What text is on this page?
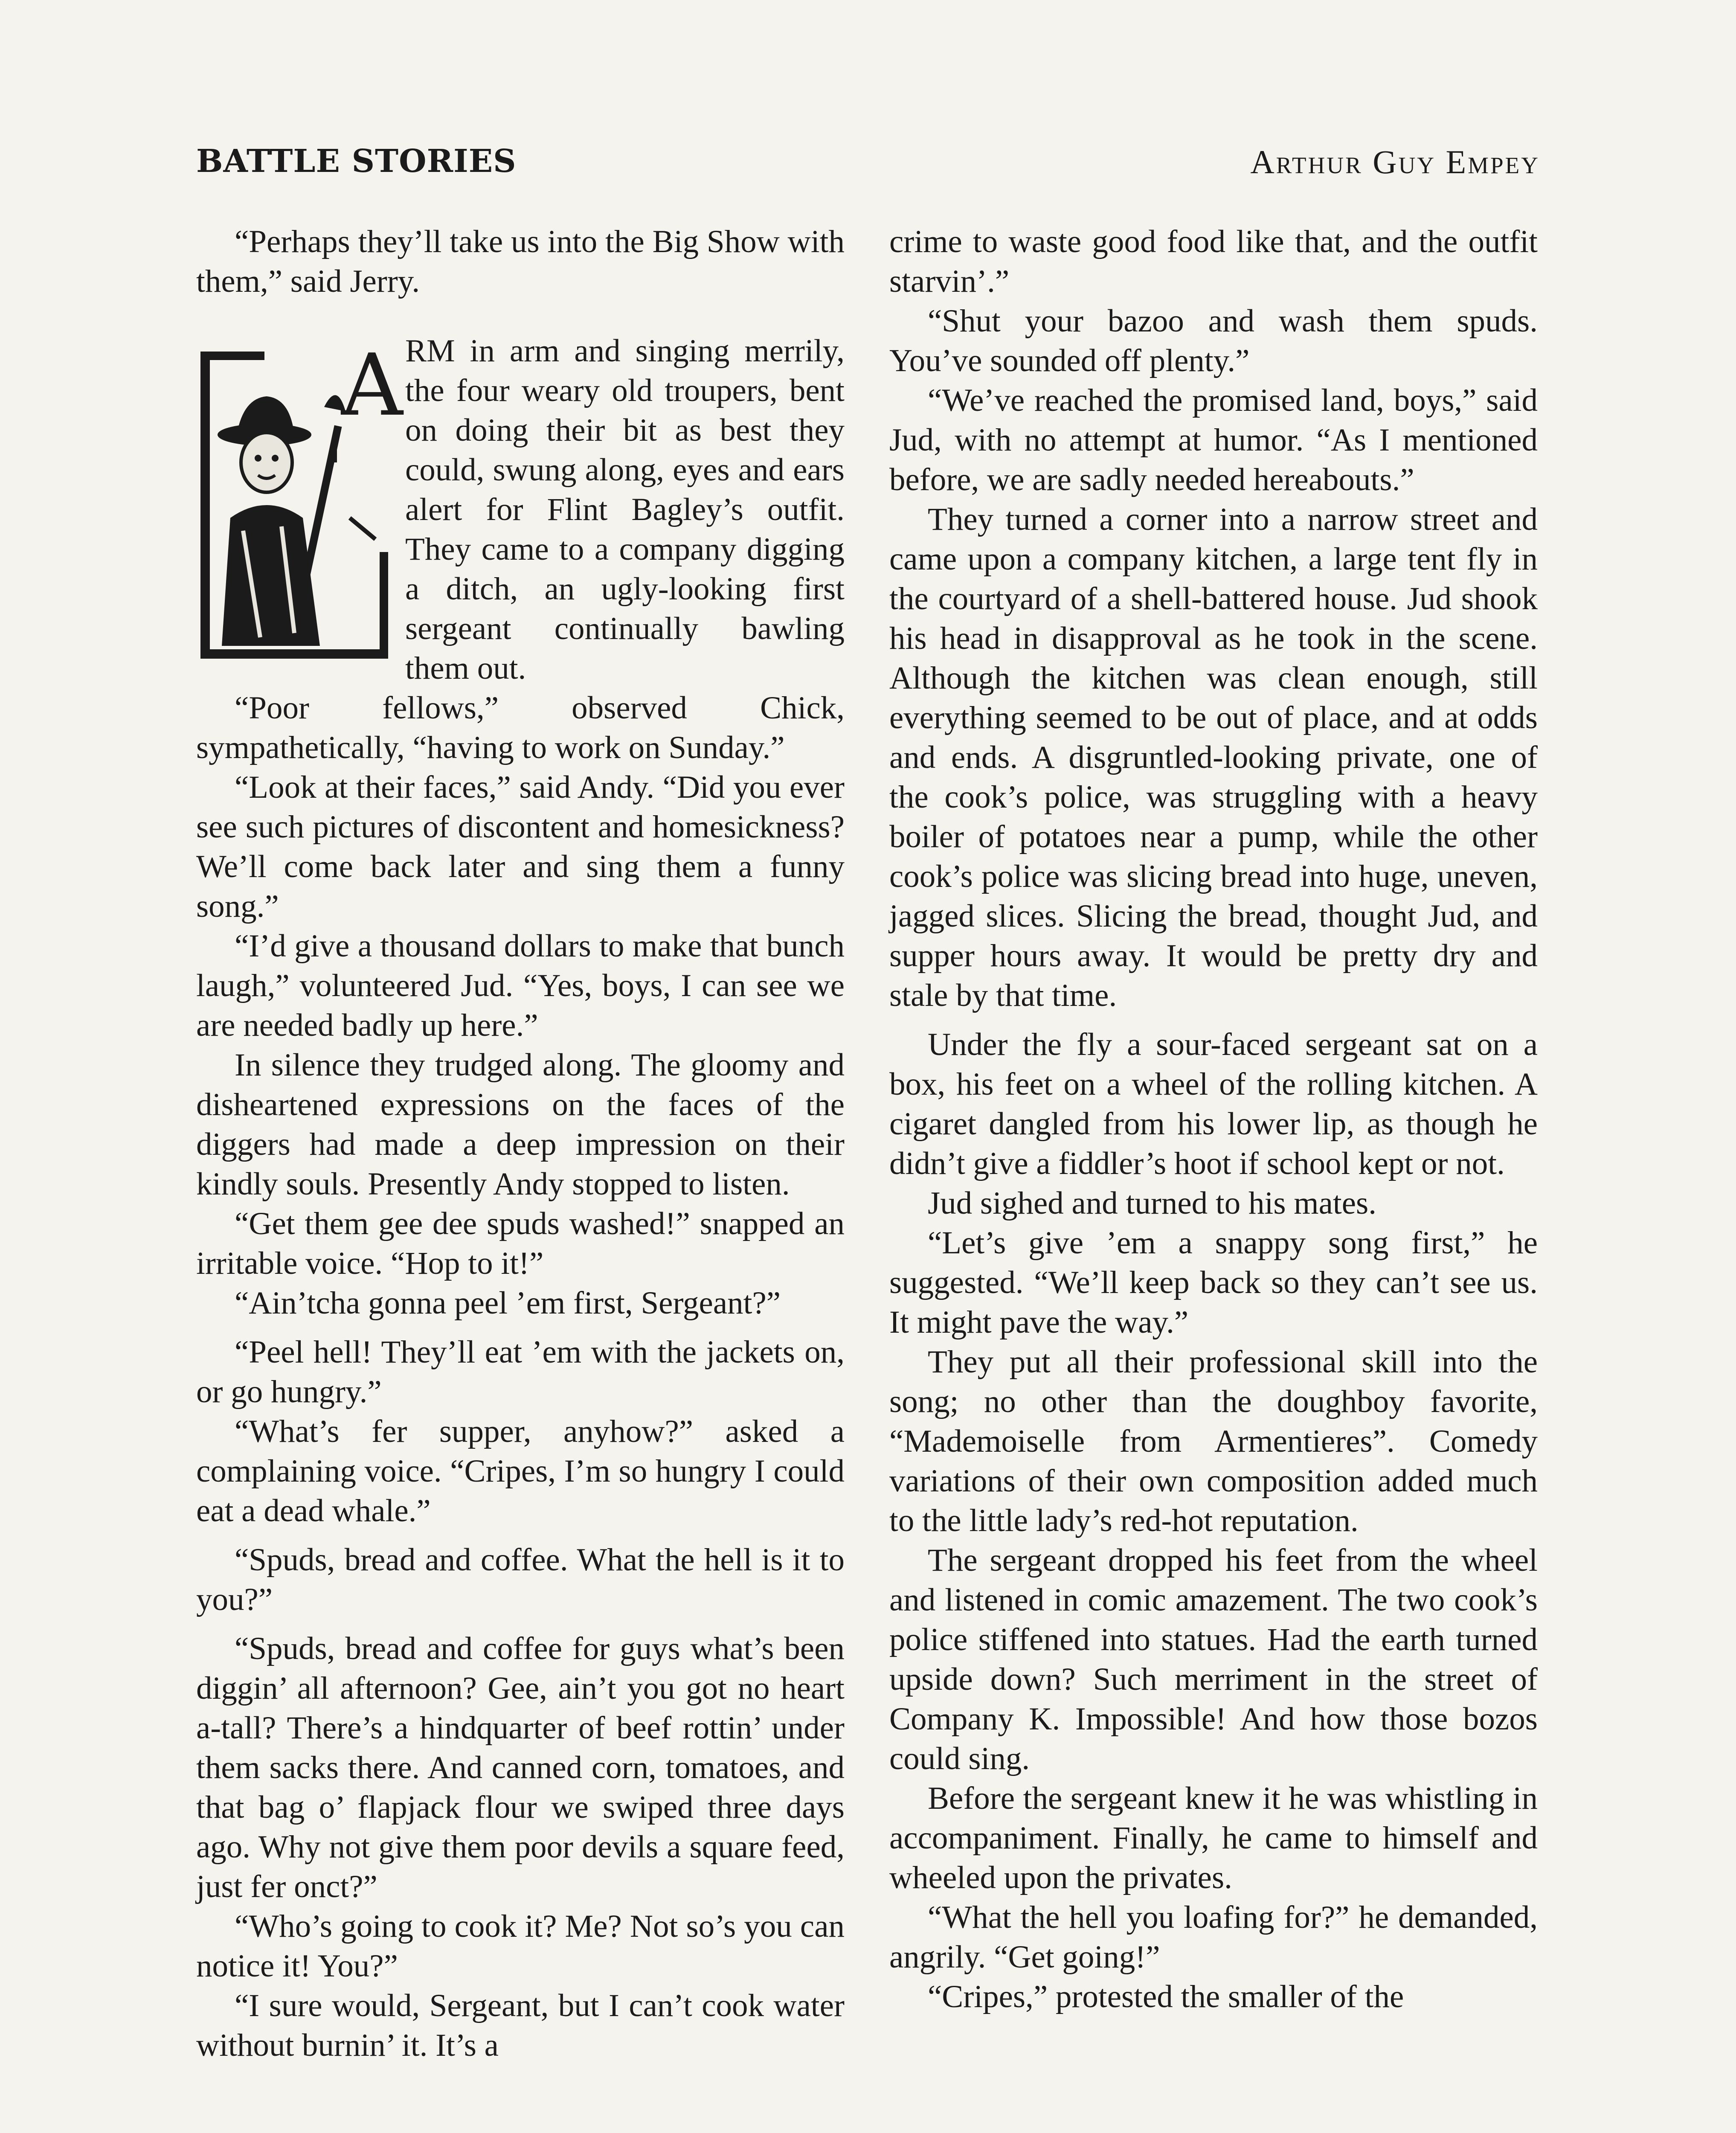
BATTLE STORIES	Arthur Guy Empey

“Perhaps they’ll take us into the Big Show with them,” said Jerry.

A RM in arm and singing merrily, the four weary old troupers, bent on doing their bit as best they could, swung along, eyes and ears alert for Flint Bagley’s outfit. They came to a company digging a ditch, an ugly-looking first sergeant continually bawling them out.

“Poor fellows,” observed Chick, sympathetically, “having to work on Sunday.”

“Look at their faces,” said Andy. “Did you ever see such pictures of discontent and homesickness? We’ll come back later and sing them a funny song.”

“I’d give a thousand dollars to make that bunch laugh,” volunteered Jud. “Yes, boys, I can see we are needed badly up here.”

In silence they trudged along. The gloomy and disheartened expressions on the faces of the diggers had made a deep impression on their kindly souls. Presently Andy stopped to listen.

“Get them gee dee spuds washed!” snapped an irritable voice. “Hop to it!”

“Ain’tcha gonna peel ’em first, Sergeant?”

“Peel hell! They’ll eat ’em with the jackets on, or go hungry.”

“What’s fer supper, anyhow?” asked a complaining voice. “Cripes, I’m so hungry I could eat a dead whale.”

“Spuds, bread and coffee. What the hell is it to you?”

“Spuds, bread and coffee for guys what’s been diggin’ all afternoon? Gee, ain’t you got no heart a-tall? There’s a hindquarter of beef rottin’ under them sacks there. And canned corn, tomatoes, and that bag o’ flapjack flour we swiped three days ago. Why not give them poor devils a square feed, just fer onct?”

“Who’s going to cook it? Me? Not so’s you can notice it! You?”

“I sure would, Sergeant, but I can’t cook water without burnin’ it. It’s a

crime to waste good food like that, and the outfit starvin’.”

“Shut your bazoo and wash them spuds. You’ve sounded off plenty.”

“We’ve reached the promised land, boys,” said Jud, with no attempt at humor. “As I mentioned before, we are sadly needed hereabouts.”

They turned a corner into a narrow street and came upon a company kitchen, a large tent fly in the courtyard of a shell-battered house. Jud shook his head in disapproval as he took in the scene. Although the kitchen was clean enough, still everything seemed to be out of place, and at odds and ends. A disgruntled-looking private, one of the cook’s police, was struggling with a heavy boiler of potatoes near a pump, while the other cook’s police was slicing bread into huge, uneven, jagged slices. Slicing the bread, thought Jud, and supper hours away. It would be pretty dry and stale by that time.

Under the fly a sour-faced sergeant sat on a box, his feet on a wheel of the rolling kitchen. A cigaret dangled from his lower lip, as though he didn’t give a fiddler’s hoot if school kept or not.

Jud sighed and turned to his mates.

“Let’s give ’em a snappy song first,” he suggested. “We’ll keep back so they can’t see us. It might pave the way.”

They put all their professional skill into the song; no other than the doughboy favorite, “Mademoiselle from Armentieres”. Comedy variations of their own composition added much to the little lady’s red-hot reputation.

The sergeant dropped his feet from the wheel and listened in comic amazement. The two cook’s police stiffened into statues. Had the earth turned upside down? Such merriment in the street of Company K. Impossible! And how those bozos could sing.

Before the sergeant knew it he was whistling in accompaniment. Finally, he came to himself and wheeled upon the privates.

“What the hell you loafing for?” he demanded, angrily. “Get going!”

“Cripes,” protested the smaller of the
